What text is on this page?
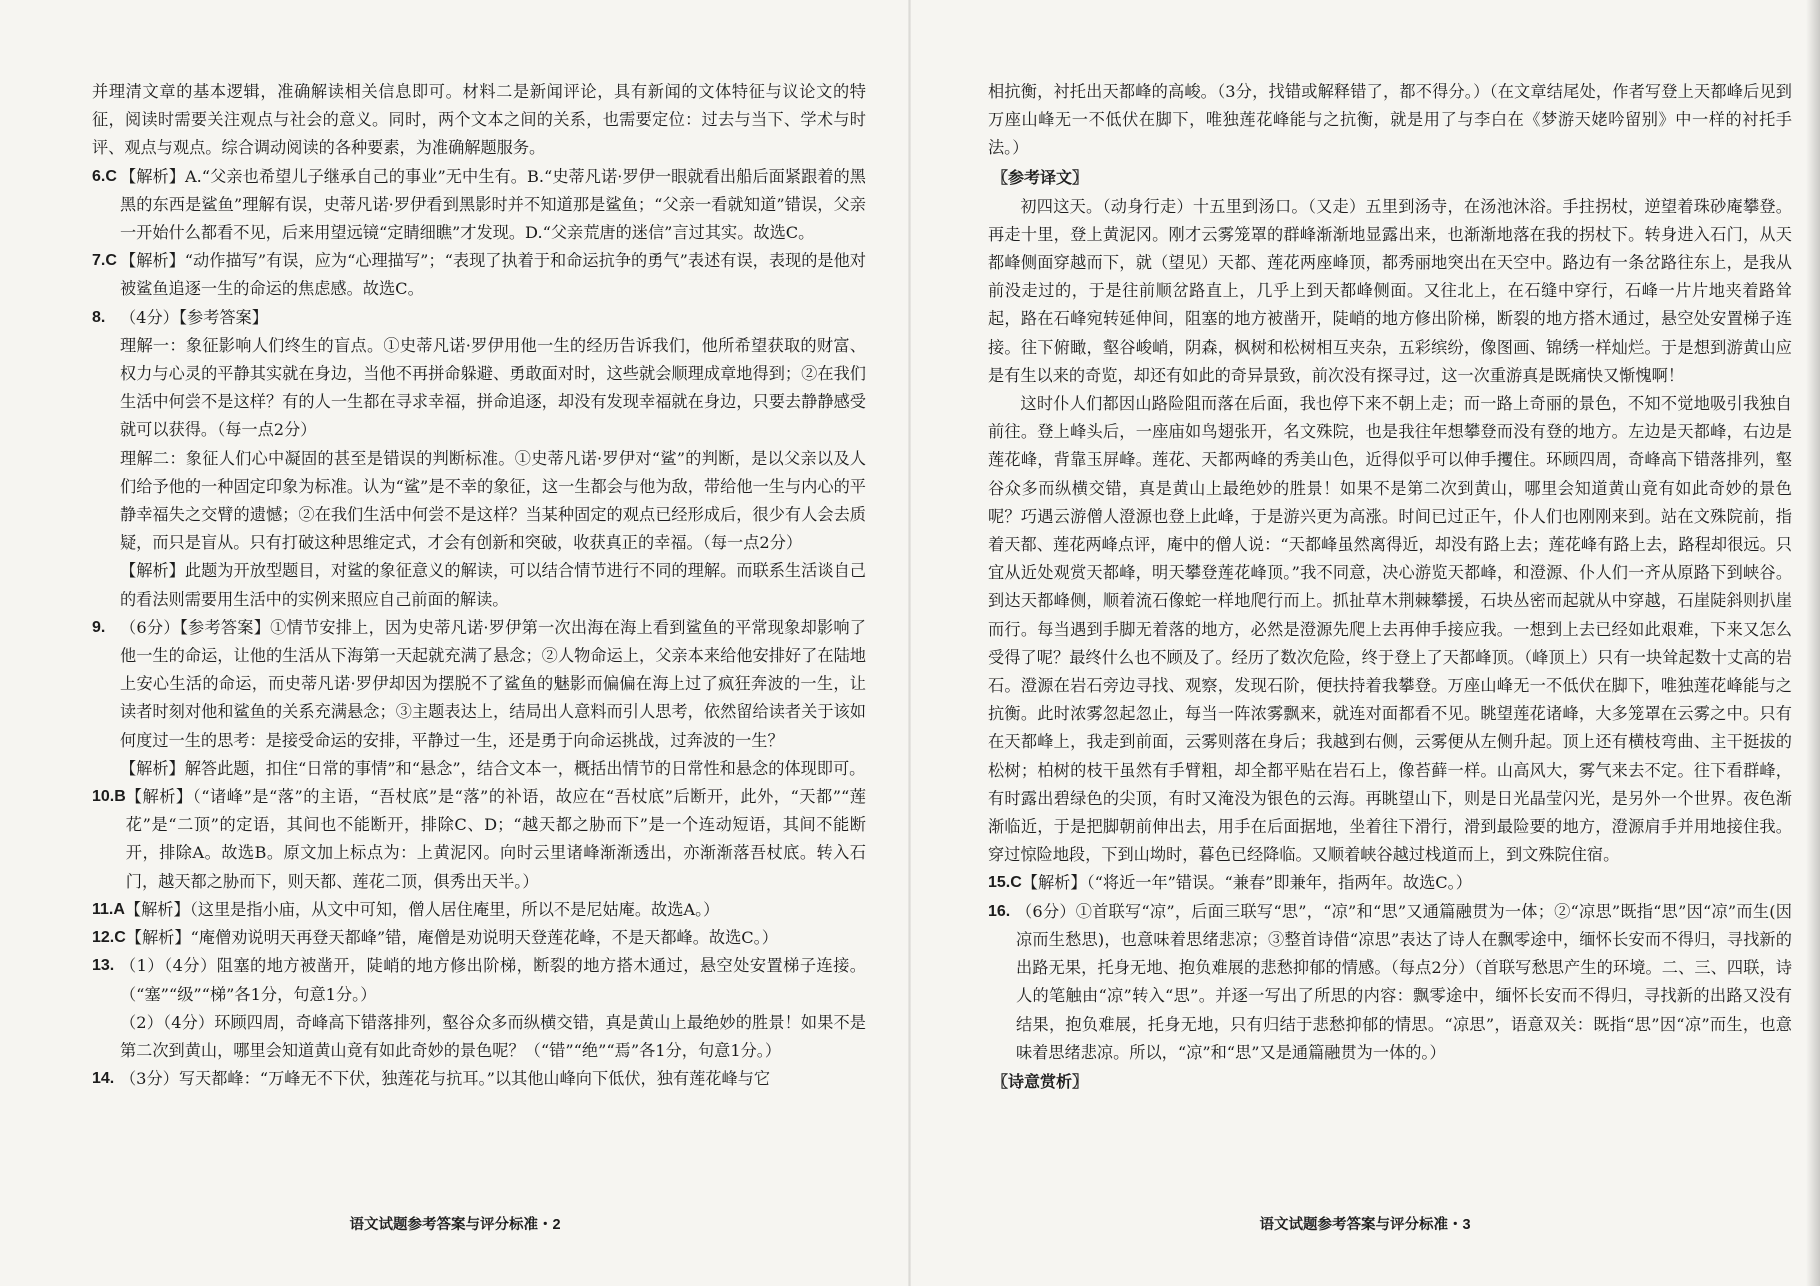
并理清文章的基本逻辑，准确解读相关信息即可。材料二是新闻评论，具有新闻的文体特征与议论文的特征，阅读时需要关注观点与社会的意义。同时，两个文本之间的关系，也需要定位：过去与当下、学术与时评、观点与观点。综合调动阅读的各种要素，为准确解题服务。

6.C 【解析】A.“父亲也希望儿子继承自己的事业”无中生有。B.“史蒂凡诺·罗伊一眼就看出船后面紧跟着的黑黑的东西是鲨鱼”理解有误，史蒂凡诺·罗伊看到黑影时并不知道那是鲨鱼；“父亲一看就知道”错误，父亲一开始什么都看不见，后来用望远镜“定睛细瞧”才发现。D.“父亲荒唐的迷信”言过其实。故选C。
7.C 【解析】“动作描写”有误，应为“心理描写”；“表现了执着于和命运抗争的勇气”表述有误，表现的是他对被鲨鱼追逐一生的命运的焦虑感。故选C。
8. （4分）【参考答案】

理解一：象征影响人们终生的盲点。①史蒂凡诺·罗伊用他一生的经历告诉我们，他所希望获取的财富、权力与心灵的平静其实就在身边，当他不再拼命躲避、勇敢面对时，这些就会顺理成章地得到；②在我们生活中何尝不是这样？有的人一生都在寻求幸福，拼命追逐，却没有发现幸福就在身边，只要去静静感受就可以获得。（每一点2分）

理解二：象征人们心中凝固的甚至是错误的判断标准。①史蒂凡诺·罗伊对“鲨”的判断，是以父亲以及人们给予他的一种固定印象为标准。认为“鲨”是不幸的象征，这一生都会与他为敌，带给他一生与内心的平静幸福失之交臂的遗憾；②在我们生活中何尝不是这样？当某种固定的观点已经形成后，很少有人会去质疑，而只是盲从。只有打破这种思维定式，才会有创新和突破，收获真正的幸福。（每一点2分）

【解析】此题为开放型题目，对鲨的象征意义的解读，可以结合情节进行不同的理解。而联系生活谈自己的看法则需要用生活中的实例来照应自己前面的解读。

9. （6分）【参考答案】①情节安排上，因为史蒂凡诺·罗伊第一次出海在海上看到鲨鱼的平常现象却影响了他一生的命运，让他的生活从下海第一天起就充满了悬念；②人物命运上，父亲本来给他安排好了在陆地上安心生活的命运，而史蒂凡诺·罗伊却因为摆脱不了鲨鱼的魅影而偏偏在海上过了疯狂奔波的一生，让读者时刻对他和鲨鱼的关系充满悬念；③主题表达上，结局出人意料而引人思考，依然留给读者关于该如何度过一生的思考：是接受命运的安排，平静过一生，还是勇于向命运挑战，过奔波的一生？

【解析】解答此题，扣住“日常的事情”和“悬念”，结合文本一，概括出情节的日常性和悬念的体现即可。

10.B 【解析】（“诸峰”是“落”的主语，“吾杖底”是“落”的补语，故应在“吾杖底”后断开，此外，“天都”“莲花”是“二顶”的定语，其间也不能断开，排除C、D；“越天都之胁而下”是一个连动短语，其间不能断开，排除A。故选B。原文加上标点为：上黄泥冈。向时云里诸峰渐渐透出，亦渐渐落吾杖底。转入石门，越天都之胁而下，则天都、莲花二顶，俱秀出天半。）
11.A 【解析】（这里是指小庙，从文中可知，僧人居住庵里，所以不是尼姑庵。故选A。）
12.C 【解析】“庵僧劝说明天再登天都峰”错，庵僧是劝说明天登莲花峰，不是天都峰。故选C。）
13. （1）（4分）阻塞的地方被凿开，陡峭的地方修出阶梯，断裂的地方搭木通过，悬空处安置梯子连接。（“塞”“级”“梯”各1分，句意1分。）

（2）（4分）环顾四周，奇峰高下错落排列，壑谷众多而纵横交错，真是黄山上最绝妙的胜景！如果不是第二次到黄山，哪里会知道黄山竟有如此奇妙的景色呢？（“错”“绝”“焉”各1分，句意1分。）

14. （3分）写天都峰：“万峰无不下伏，独莲花与抗耳。”以其他山峰向下低伏，独有莲花峰与它
语文试题参考答案与评分标准・2

相抗衡，衬托出天都峰的高峻。（3分，找错或解释错了，都不得分。）（在文章结尾处，作者写登上天都峰后见到万座山峰无一不低伏在脚下，唯独莲花峰能与之抗衡，就是用了与李白在《梦游天姥吟留别》中一样的衬托手法。）

〖参考译文〗

初四这天。（动身行走）十五里到汤口。（又走）五里到汤寺，在汤池沐浴。手拄拐杖，逆望着珠砂庵攀登。再走十里，登上黄泥冈。刚才云雾笼罩的群峰渐渐地显露出来，也渐渐地落在我的拐杖下。转身进入石门，从天都峰侧面穿越而下，就（望见）天都、莲花两座峰顶，都秀丽地突出在天空中。路边有一条岔路往东上，是我从前没走过的，于是往前顺岔路直上，几乎上到天都峰侧面。又往北上，在石缝中穿行，石峰一片片地夹着路耸起，路在石峰宛转延伸间，阻塞的地方被凿开，陡峭的地方修出阶梯，断裂的地方搭木通过，悬空处安置梯子连接。往下俯瞰，壑谷峻峭，阴森，枫树和松树相互夹杂，五彩缤纷，像图画、锦绣一样灿烂。于是想到游黄山应是有生以来的奇览，却还有如此的奇异景致，前次没有探寻过，这一次重游真是既痛快又惭愧啊！

这时仆人们都因山路险阻而落在后面，我也停下来不朝上走；而一路上奇丽的景色，不知不觉地吸引我独自前往。登上峰头后，一座庙如鸟翅张开，名文殊院，也是我往年想攀登而没有登的地方。左边是天都峰，右边是莲花峰，背靠玉屏峰。莲花、天都两峰的秀美山色，近得似乎可以伸手攫住。环顾四周，奇峰高下错落排列，壑谷众多而纵横交错，真是黄山上最绝妙的胜景！如果不是第二次到黄山，哪里会知道黄山竟有如此奇妙的景色呢？巧遇云游僧人澄源也登上此峰，于是游兴更为高涨。时间已过正午，仆人们也刚刚来到。站在文殊院前，指着天都、莲花两峰点评，庵中的僧人说：“天都峰虽然离得近，却没有路上去；莲花峰有路上去，路程却很远。只宜从近处观赏天都峰，明天攀登莲花峰顶。”我不同意，决心游览天都峰，和澄源、仆人们一齐从原路下到峡谷。到达天都峰侧，顺着流石像蛇一样地爬行而上。抓扯草木荆棘攀援，石块丛密而起就从中穿越，石崖陡斜则扒崖而行。每当遇到手脚无着落的地方，必然是澄源先爬上去再伸手接应我。一想到上去已经如此艰难，下来又怎么受得了呢？最终什么也不顾及了。经历了数次危险，终于登上了天都峰顶。（峰顶上）只有一块耸起数十丈高的岩石。澄源在岩石旁边寻找、观察，发现石阶，便扶持着我攀登。万座山峰无一不低伏在脚下，唯独莲花峰能与之抗衡。此时浓雾忽起忽止，每当一阵浓雾飘来，就连对面都看不见。眺望莲花诸峰，大多笼罩在云雾之中。只有在天都峰上，我走到前面，云雾则落在身后；我越到右侧，云雾便从左侧升起。顶上还有横枝弯曲、主干挺拔的松树；柏树的枝干虽然有手臂粗，却全都平贴在岩石上，像苔藓一样。山高风大，雾气来去不定。往下看群峰，有时露出碧绿色的尖顶，有时又淹没为银色的云海。再眺望山下，则是日光晶莹闪光，是另外一个世界。夜色渐渐临近，于是把脚朝前伸出去，用手在后面据地，坐着往下滑行，滑到最险要的地方，澄源肩手并用地接住我。穿过惊险地段，下到山坳时，暮色已经降临。又顺着峡谷越过栈道而上，到文殊院住宿。

15.C 【解析】（“将近一年”错误。“兼春”即兼年，指两年。故选C。）
16. （6分）①首联写“凉”，后面三联写“思”，“凉”和“思”又通篇融贯为一体；②“凉思”既指“思”因“凉”而生(因凉而生愁思)，也意味着思绪悲凉；③整首诗借“凉思”表达了诗人在飘零途中，缅怀长安而不得归，寻找新的出路无果，托身无地、抱负难展的悲愁抑郁的情感。（每点2分）（首联写愁思产生的环境。二、三、四联，诗人的笔触由“凉”转入“思”。并逐一写出了所思的内容：飘零途中，缅怀长安而不得归，寻找新的出路又没有结果，抱负难展，托身无地，只有归结于悲愁抑郁的情思。“凉思”，语意双关：既指“思”因“凉”而生，也意味着思绪悲凉。所以，“凉”和“思”又是通篇融贯为一体的。）
〖诗意赏析〗
语文试题参考答案与评分标准・3
